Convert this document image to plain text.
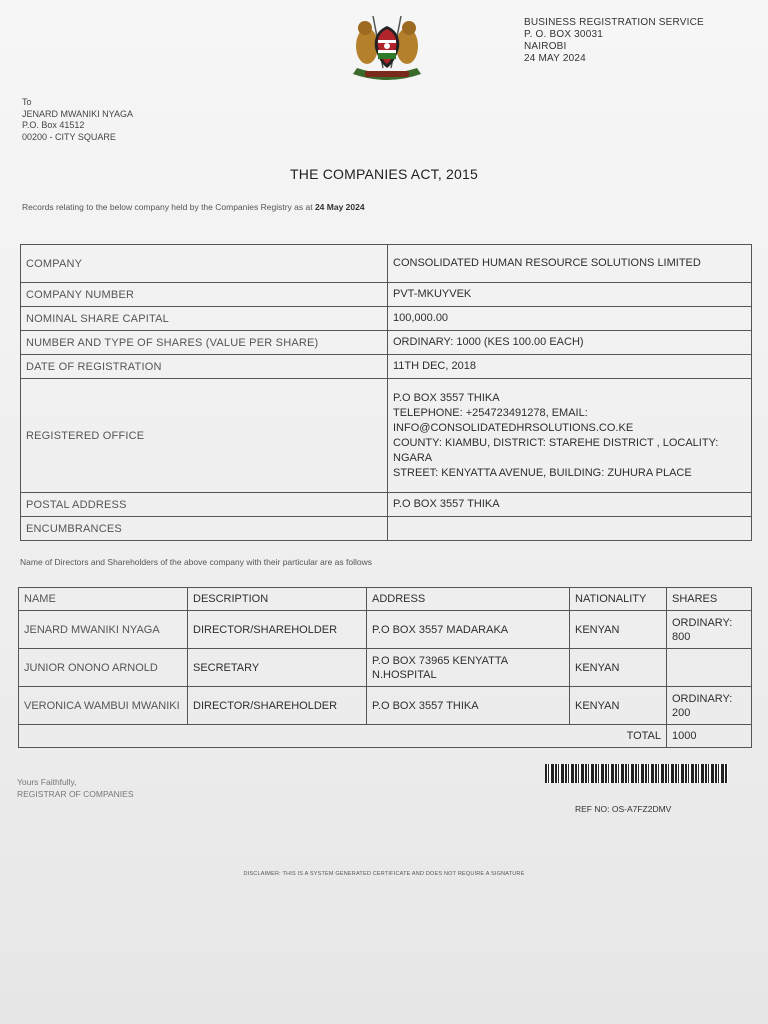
BUSINESS REGISTRATION SERVICE
P. O. BOX 30031
NAIROBI
24 MAY 2024
To
JENARD MWANIKI NYAGA
P.O. Box 41512
00200 - CITY SQUARE
THE COMPANIES ACT, 2015
Records relating to the below company held by the Companies Registry as at 24 May 2024
COMPANY	CONSOLIDATED HUMAN RESOURCE SOLUTIONS LIMITED
COMPANY NUMBER	PVT-MKUYVEK
NOMINAL SHARE CAPITAL	100,000.00
NUMBER AND TYPE OF SHARES (VALUE PER SHARE)	ORDINARY: 1000 (KES 100.00 EACH)
DATE OF REGISTRATION	11TH DEC, 2018
REGISTERED OFFICE	P.O BOX 3557 THIKA
TELEPHONE: +254723491278, EMAIL: INFO@CONSOLIDATEDHRSOLUTIONS.CO.KE
COUNTY: KIAMBU, DISTRICT: STAREHE DISTRICT , LOCALITY: NGARA
STREET: KENYATTA AVENUE, BUILDING: ZUHURA PLACE
POSTAL ADDRESS	P.O BOX 3557 THIKA
ENCUMBRANCES	
Name of Directors and Shareholders of the above company with their particular are as follows
NAME	DESCRIPTION	ADDRESS	NATIONALITY	SHARES
JENARD MWANIKI NYAGA	DIRECTOR/SHAREHOLDER	P.O BOX 3557 MADARAKA	KENYAN	ORDINARY: 800
JUNIOR ONONO ARNOLD	SECRETARY	P.O BOX 73965 KENYATTA N.HOSPITAL	KENYAN	
VERONICA WAMBUI MWANIKI	DIRECTOR/SHAREHOLDER	P.O BOX 3557 THIKA	KENYAN	ORDINARY: 200
TOTAL				1000
Yours Faithfully,
REGISTRAR OF COMPANIES
REF NO: OS-A7FZ2DMV
DISCLAIMER: THIS IS A SYSTEM GENERATED CERTIFICATE AND DOES NOT REQUIRE A SIGNATURE
